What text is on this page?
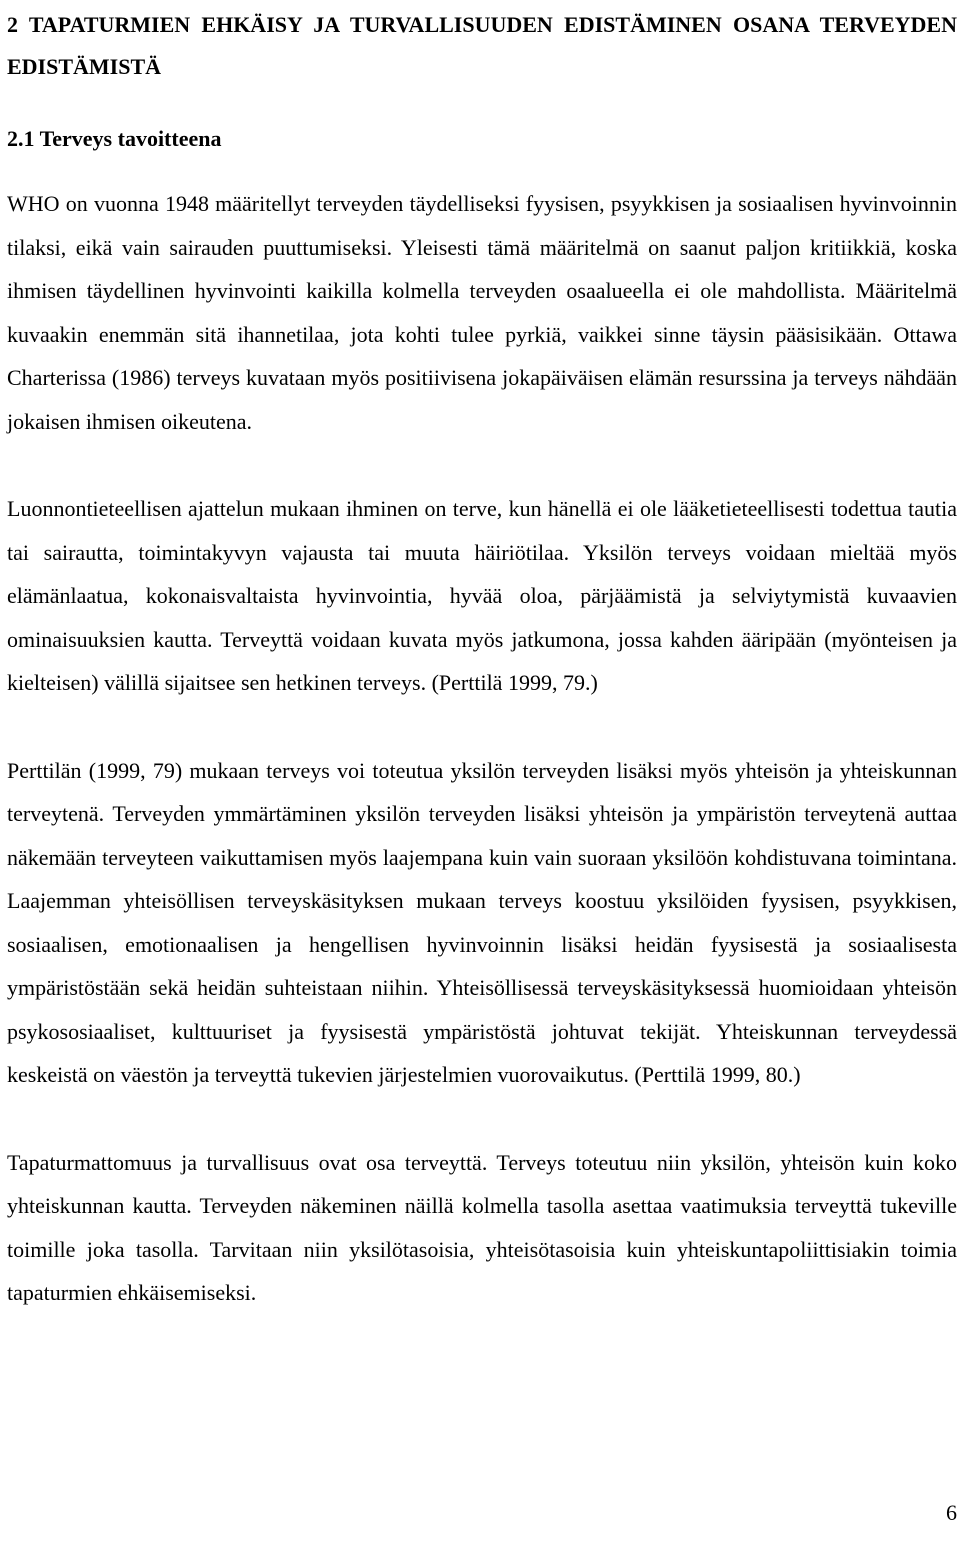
2 TAPATURMIEN EHKÄISY JA TURVALLISUUDEN EDISTÄMINEN OSANA TERVEYDEN EDISTÄMISTÄ
2.1 Terveys tavoitteena

WHO on vuonna 1948 määritellyt terveyden täydelliseksi fyysisen, psyykkisen ja sosiaalisen hyvinvoinnin tilaksi, eikä vain sairauden puuttumiseksi. Yleisesti tämä määritelmä on saanut paljon kritiikkiä, koska ihmisen täydellinen hyvinvointi kaikilla kolmella terveyden osaalueella ei ole mahdollista. Määritelmä kuvaakin enemmän sitä ihannetilaa, jota kohti tulee pyrkiä, vaikkei sinne täysin pääsisikään. Ottawa Charterissa (1986) terveys kuvataan myös positiivisena jokapäiväisen elämän resurssina ja terveys nähdään jokaisen ihmisen oikeutena.

Luonnontieteellisen ajattelun mukaan ihminen on terve, kun hänellä ei ole lääketieteellisesti todettua tautia tai sairautta, toimintakyvyn vajausta tai muuta häiriötilaa. Yksilön terveys voidaan mieltää myös elämänlaatua, kokonaisvaltaista hyvinvointia, hyvää oloa, pärjäämistä ja selviytymistä kuvaavien ominaisuuksien kautta. Terveyttä voidaan kuvata myös jatkumona, jossa kahden ääripään (myönteisen ja kielteisen) välillä sijaitsee sen hetkinen terveys. (Perttilä 1999, 79.)

Perttilän (1999, 79) mukaan terveys voi toteutua yksilön terveyden lisäksi myös yhteisön ja yhteiskunnan terveytenä. Terveyden ymmärtäminen yksilön terveyden lisäksi yhteisön ja ympäristön terveytenä auttaa näkemään terveyteen vaikuttamisen myös laajempana kuin vain suoraan yksilöön kohdistuvana toimintana. Laajemman yhteisöllisen terveyskäsityksen mukaan terveys koostuu yksilöiden fyysisen, psyykkisen, sosiaalisen, emotionaalisen ja hengellisen hyvinvoinnin lisäksi heidän fyysisestä ja sosiaalisesta ympäristöstään sekä heidän suhteistaan niihin. Yhteisöllisessä terveyskäsityksessä huomioidaan yhteisön psykososiaaliset, kulttuuriset ja fyysisestä ympäristöstä johtuvat tekijät. Yhteiskunnan terveydessä keskeistä on väestön ja terveyttä tukevien järjestelmien vuorovaikutus. (Perttilä 1999, 80.)

Tapaturmattomuus ja turvallisuus ovat osa terveyttä. Terveys toteutuu niin yksilön, yhteisön kuin koko yhteiskunnan kautta. Terveyden näkeminen näillä kolmella tasolla asettaa vaatimuksia terveyttä tukeville toimille joka tasolla. Tarvitaan niin yksilötasoisia, yhteisötasoisia kuin yhteiskuntapoliittisiakin toimia tapaturmien ehkäisemiseksi.

6
